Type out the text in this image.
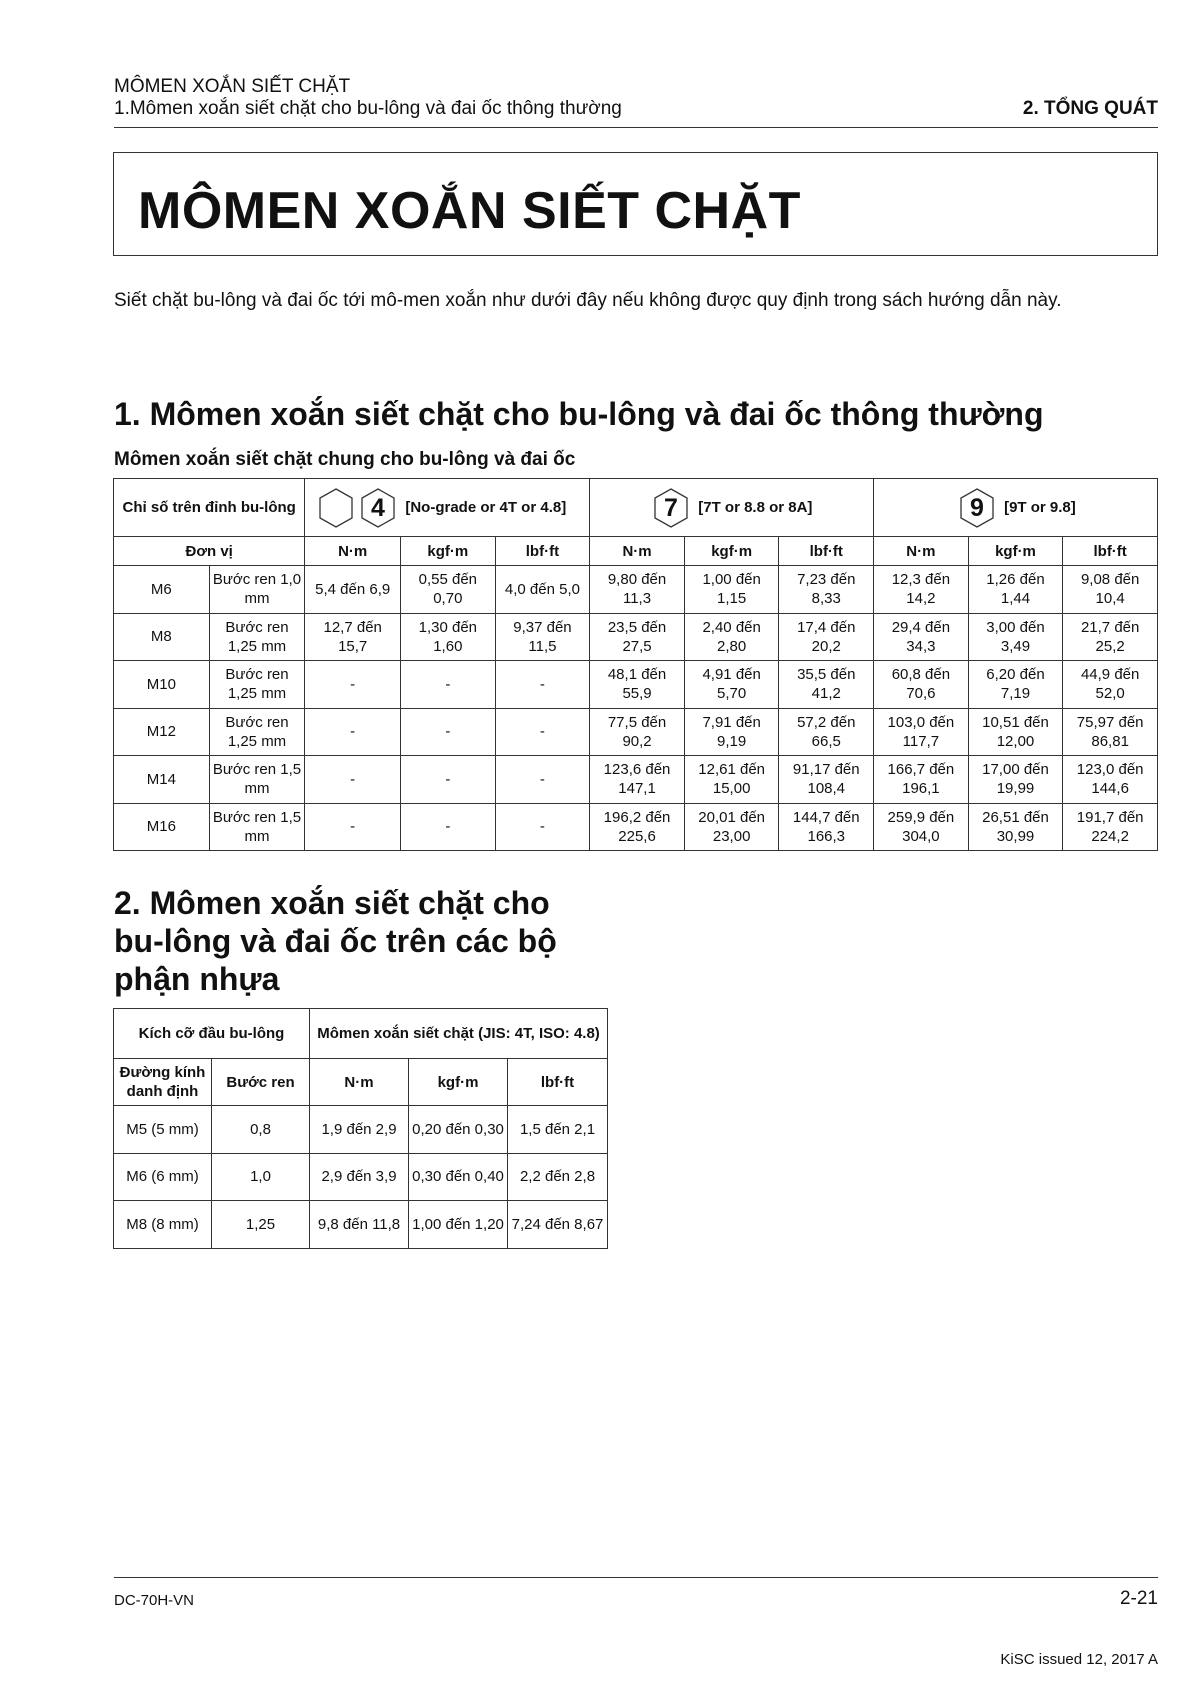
MÔMEN XOẮN SIẾT CHẶT
1.Mômen xoắn siết chặt cho bu-lông và đai ốc thông thường	2. TỔNG QUÁT
MÔMEN XOẮN SIẾT CHẶT
Siết chặt bu-lông và đai ốc tới mô-men xoắn như dưới đây nếu không được quy định trong sách hướng dẫn này.
1. Mômen xoắn siết chặt cho bu-lông và đai ốc thông thường
Mômen xoắn siết chặt chung cho bu-lông và đai ốc
Chỉ số trên đỉnh bu-lông		4 [No-grade or 4T or 4.8]			7 [7T or 8.8 or 8A]			9 [9T or 9.8]		

Đơn vị		N·m	kgf·m	lbf·ft	N·m	kgf·m	lbf·ft	N·m	kgf·m	lbf·ft
M6	Bước ren 1,0 mm	5,4 đến 6,9	0,55 đến 0,70	4,0 đến 5,0	9,80 đến 11,3	1,00 đến 1,15	7,23 đến 8,33	12,3 đến 14,2	1,26 đến 1,44	9,08 đến 10,4
M8	Bước ren 1,25 mm	12,7 đến 15,7	1,30 đến 1,60	9,37 đến 11,5	23,5 đến 27,5	2,40 đến 2,80	17,4 đến 20,2	29,4 đến 34,3	3,00 đến 3,49	21,7 đến 25,2
M10	Bước ren 1,25 mm	-	-	-	48,1 đến 55,9	4,91 đến 5,70	35,5 đến 41,2	60,8 đến 70,6	6,20 đến 7,19	44,9 đến 52,0
M12	Bước ren 1,25 mm	-	-	-	77,5 đến 90,2	7,91 đến 9,19	57,2 đến 66,5	103,0 đến 117,7	10,51 đến 12,00	75,97 đến 86,81
M14	Bước ren 1,5 mm	-	-	-	123,6 đến 147,1	12,61 đến 15,00	91,17 đến 108,4	166,7 đến 196,1	17,00 đến 19,99	123,0 đến 144,6
M16	Bước ren 1,5 mm	-	-	-	196,2 đến 225,6	20,01 đến 23,00	144,7 đến 166,3	259,9 đến 304,0	26,51 đến 30,99	191,7 đến 224,2
2. Mômen xoắn siết chặt cho bu-lông và đai ốc trên các bộ phận nhựa
Kích cỡ đầu bu-lông		Mômen xoắn siết chặt (JIS: 4T, ISO: 4.8)		
Đường kính danh định	Bước ren	N·m	kgf·m	lbf·ft
M5 (5 mm)	0,8	1,9 đến 2,9	0,20 đến 0,30	1,5 đến 2,1
M6 (6 mm)	1,0	2,9 đến 3,9	0,30 đến 0,40	2,2 đến 2,8
M8 (8 mm)	1,25	9,8 đến 11,8	1,00 đến 1,20	7,24 đến 8,67
DC-70H-VN	2-21
KiSC issued 12, 2017 A
